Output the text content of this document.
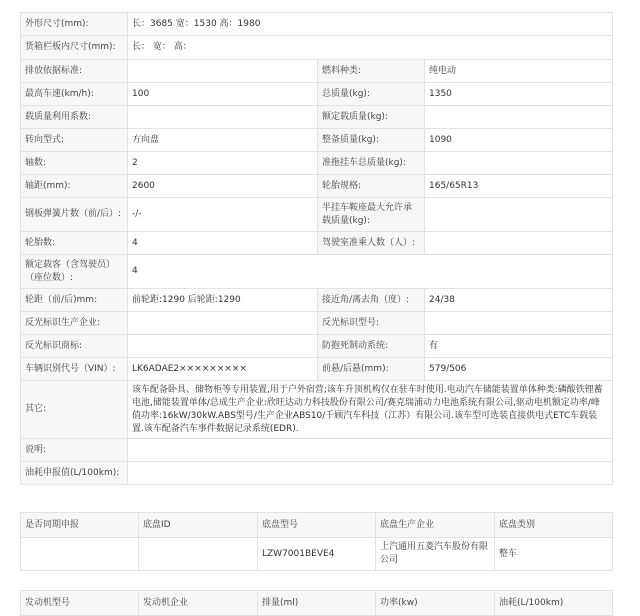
外形尺寸(mm):	长：3685 宽：1530 高：1980		
货箱栏板内尺寸(mm):	长： 宽： 高：		
排放依据标准:		燃料种类:	纯电动
最高车速(km/h):	100	总质量(kg):	1350
载质量利用系数:		额定载质量(kg):	
转向型式:	方向盘	整备质量(kg):	1090
轴数:	2	准拖挂车总质量(kg):	
轴距(mm):	2600	轮胎规格:	165/65R13
钢板弹簧片数（前/后）:	-/-	半挂车鞍座最大允许承载质量(kg):	
轮胎数:	4	驾驶室准乘人数（人）:	
额定载客（含驾驶员）（座位数）:	4		
轮距（前/后)mm:	前轮距:1290 后轮距:1290	接近角/离去角（度）:	24/38
反光标识生产企业:		反光标识型号:	
反光标识商标:		防抱死制动系统:	有
车辆识别代号（VIN）:	LK6ADAE2×××××××××	前悬/后悬(mm):	579/506
其它:	该车配备卧具、储物柜等专用装置,用于户外宿营;该车升顶机构仅在驻车时使用.电动汽车储能装置单体种类:磷酸铁锂蓄电池,储能装置单体/总成生产企业:欣旺达动力科技股份有限公司/赛克瑞浦动力电池系统有限公司,驱动电机额定功率/峰值功率:16kW/30kW.ABS型号/生产企业ABS10/千顾汽车科技（江苏）有限公司.该车型可选装直接供电式ETC车载装置.该车配备汽车事件数据记录系统(EDR).		
说明:			
油耗申报值(L/100km):			
是否同期申报	底盘ID	底盘型号	底盘生产企业	底盘类别
		LZW7001BEVE4	上汽通用五菱汽车股份有限公司	整车
发动机型号	发动机企业	排量(ml)	功率(kw)	油耗(L/100km)
